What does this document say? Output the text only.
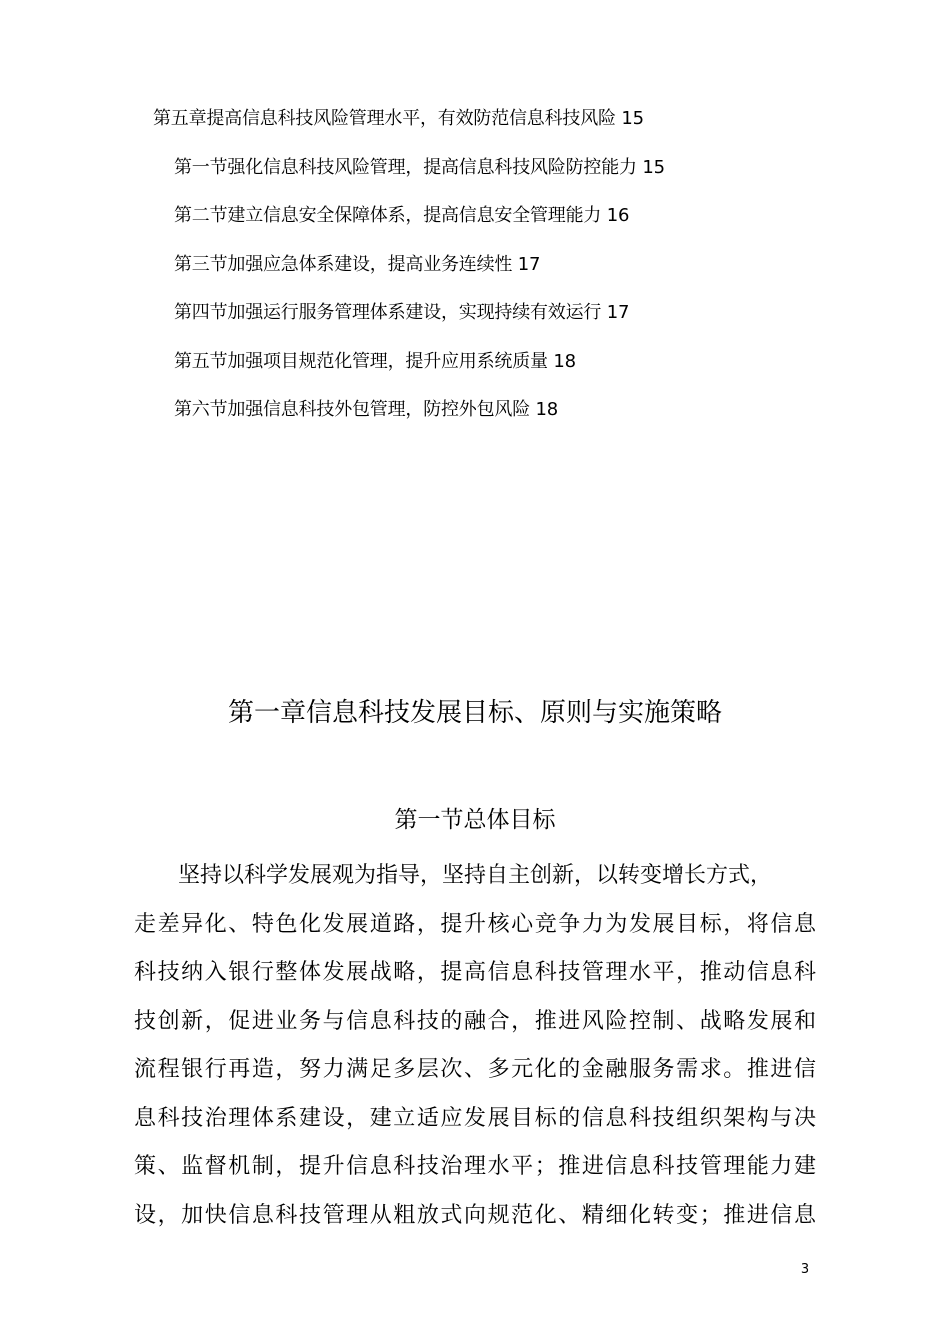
第五章提高信息科技风险管理水平，有效防范信息科技风险 15
第一节强化信息科技风险管理，提高信息科技风险防控能力 15
第二节建立信息安全保障体系，提高信息安全管理能力 16
第三节加强应急体系建设，提高业务连续性 17
第四节加强运行服务管理体系建设，实现持续有效运行 17
第五节加强项目规范化管理，提升应用系统质量 18
第六节加强信息科技外包管理，防控外包风险 18
第一章信息科技发展目标、原则与实施策略
第一节总体目标
坚持以科学发展观为指导，坚持自主创新，以转变增长方式，
走差异化、特色化发展道路，提升核心竞争力为发展目标，将信息
科技纳入银行整体发展战略，提高信息科技管理水平，推动信息科
技创新，促进业务与信息科技的融合，推进风险控制、战略发展和
流程银行再造，努力满足多层次、多元化的金融服务需求。推进信
息科技治理体系建设，建立适应发展目标的信息科技组织架构与决
策、监督机制，提升信息科技治理水平；推进信息科技管理能力建
设，加快信息科技管理从粗放式向规范化、精细化转变；推进信息
3
